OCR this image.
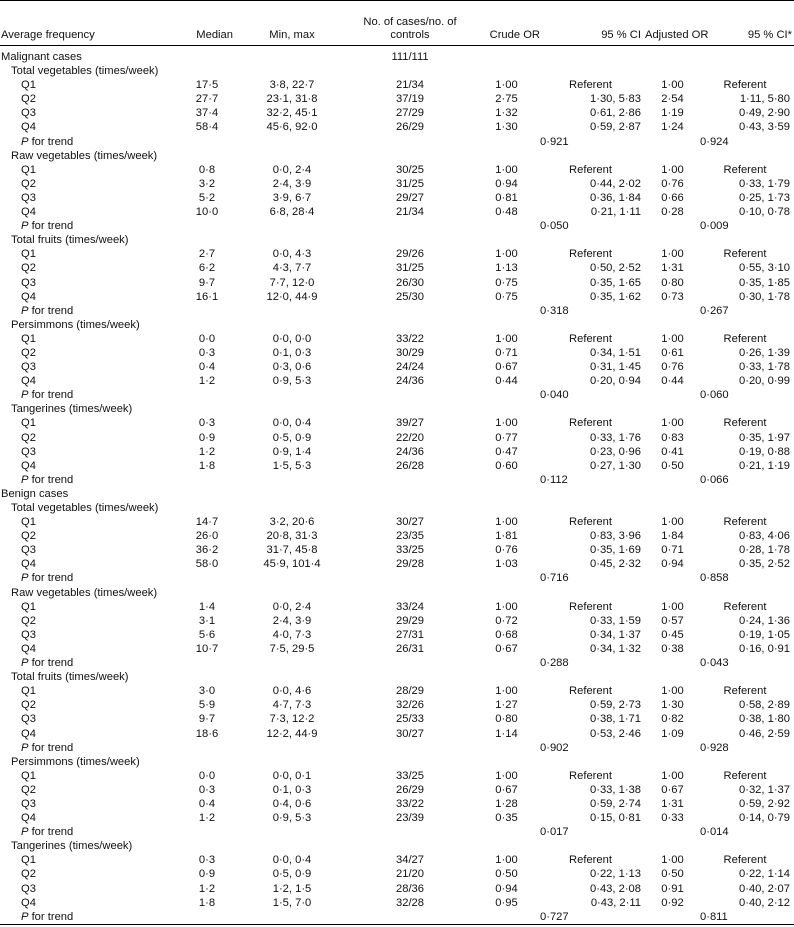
Average frequency	Median	Min, max	No. of cases/no. of controls	Crude OR	95 % CI	Adjusted OR	95 % CI*
Malignant cases			111/111				
Total vegetables (times/week)							
Q1	17·5	3·8, 22·7	21/34	1·00	Referent	1·00	Referent
Q2	27·7	23·1, 31·8	37/19	2·75	1·30, 5·83	2·54	1·11, 5·80
Q3	37·4	32·2, 45·1	27/29	1·32	0·61, 2·86	1·19	0·49, 2·90
Q4	58·4	45·6, 92·0	26/29	1·30	0·59, 2·87	1·24	0·43, 3·59
P for trend					0·921		0·924
Raw vegetables (times/week)							
Q1	0·8	0·0, 2·4	30/25	1·00	Referent	1·00	Referent
Q2	3·2	2·4, 3·9	31/25	0·94	0·44, 2·02	0·76	0·33, 1·79
Q3	5·2	3·9, 6·7	29/27	0·81	0·36, 1·84	0·66	0·25, 1·73
Q4	10·0	6·8, 28·4	21/34	0·48	0·21, 1·11	0·28	0·10, 0·78
P for trend					0·050		0·009
Total fruits (times/week)							
Q1	2·7	0·0, 4·3	29/26	1·00	Referent	1·00	Referent
Q2	6·2	4·3, 7·7	31/25	1·13	0·50, 2·52	1·31	0·55, 3·10
Q3	9·7	7·7, 12·0	26/30	0·75	0·35, 1·65	0·80	0·35, 1·85
Q4	16·1	12·0, 44·9	25/30	0·75	0·35, 1·62	0·73	0·30, 1·78
P for trend					0·318		0·267
Persimmons (times/week)							
Q1	0·0	0·0, 0·0	33/22	1·00	Referent	1·00	Referent
Q2	0·3	0·1, 0·3	30/29	0·71	0·34, 1·51	0·61	0·26, 1·39
Q3	0·4	0·3, 0·6	24/24	0·67	0·31, 1·45	0·76	0·33, 1·78
Q4	1·2	0·9, 5·3	24/36	0·44	0·20, 0·94	0·44	0·20, 0·99
P for trend					0·040		0·060
Tangerines (times/week)							
Q1	0·3	0·0, 0·4	39/27	1·00	Referent	1·00	Referent
Q2	0·9	0·5, 0·9	22/20	0·77	0·33, 1·76	0·83	0·35, 1·97
Q3	1·2	0·9, 1·4	24/36	0·47	0·23, 0·96	0·41	0·19, 0·88
Q4	1·8	1·5, 5·3	26/28	0·60	0·27, 1·30	0·50	0·21, 1·19
P for trend					0·112		0·066
Benign cases							
Total vegetables (times/week)							
Q1	14·7	3·2, 20·6	30/27	1·00	Referent	1·00	Referent
Q2	26·0	20·8, 31·3	23/35	1·81	0·83, 3·96	1·84	0·83, 4·06
Q3	36·2	31·7, 45·8	33/25	0·76	0·35, 1·69	0·71	0·28, 1·78
Q4	58·0	45·9, 101·4	29/28	1·03	0·45, 2·32	0·94	0·35, 2·52
P for trend					0·716		0·858
Raw vegetables (times/week)							
Q1	1·4	0·0, 2·4	33/24	1·00	Referent	1·00	Referent
Q2	3·1	2·4, 3·9	29/29	0·72	0·33, 1·59	0·57	0·24, 1·36
Q3	5·6	4·0, 7·3	27/31	0·68	0·34, 1·37	0·45	0·19, 1·05
Q4	10·7	7·5, 29·5	26/31	0·67	0·34, 1·32	0·38	0·16, 0·91
P for trend					0·288		0·043
Total fruits (times/week)							
Q1	3·0	0·0, 4·6	28/29	1·00	Referent	1·00	Referent
Q2	5·9	4·7, 7·3	32/26	1·27	0·59, 2·73	1·30	0·58, 2·89
Q3	9·7	7·3, 12·2	25/33	0·80	0·38, 1·71	0·82	0·38, 1·80
Q4	18·6	12·2, 44·9	30/27	1·14	0·53, 2·46	1·09	0·46, 2·59
P for trend					0·902		0·928
Persimmons (times/week)							
Q1	0·0	0·0, 0·1	33/25	1·00	Referent	1·00	Referent
Q2	0·3	0·1, 0·3	26/29	0·67	0·33, 1·38	0·67	0·32, 1·37
Q3	0·4	0·4, 0·6	33/22	1·28	0·59, 2·74	1·31	0·59, 2·92
Q4	1·2	0·9, 5·3	23/39	0·35	0·15, 0·81	0·33	0·14, 0·79
P for trend					0·017		0·014
Tangerines (times/week)							
Q1	0·3	0·0, 0·4	34/27	1·00	Referent	1·00	Referent
Q2	0·9	0·5, 0·9	21/20	0·50	0·22, 1·13	0·50	0·22, 1·14
Q3	1·2	1·2, 1·5	28/36	0·94	0·43, 2·08	0·91	0·40, 2·07
Q4	1·8	1·5, 7·0	32/28	0·95	0·43, 2·11	0·92	0·40, 2·12
P for trend					0·727		0·811
